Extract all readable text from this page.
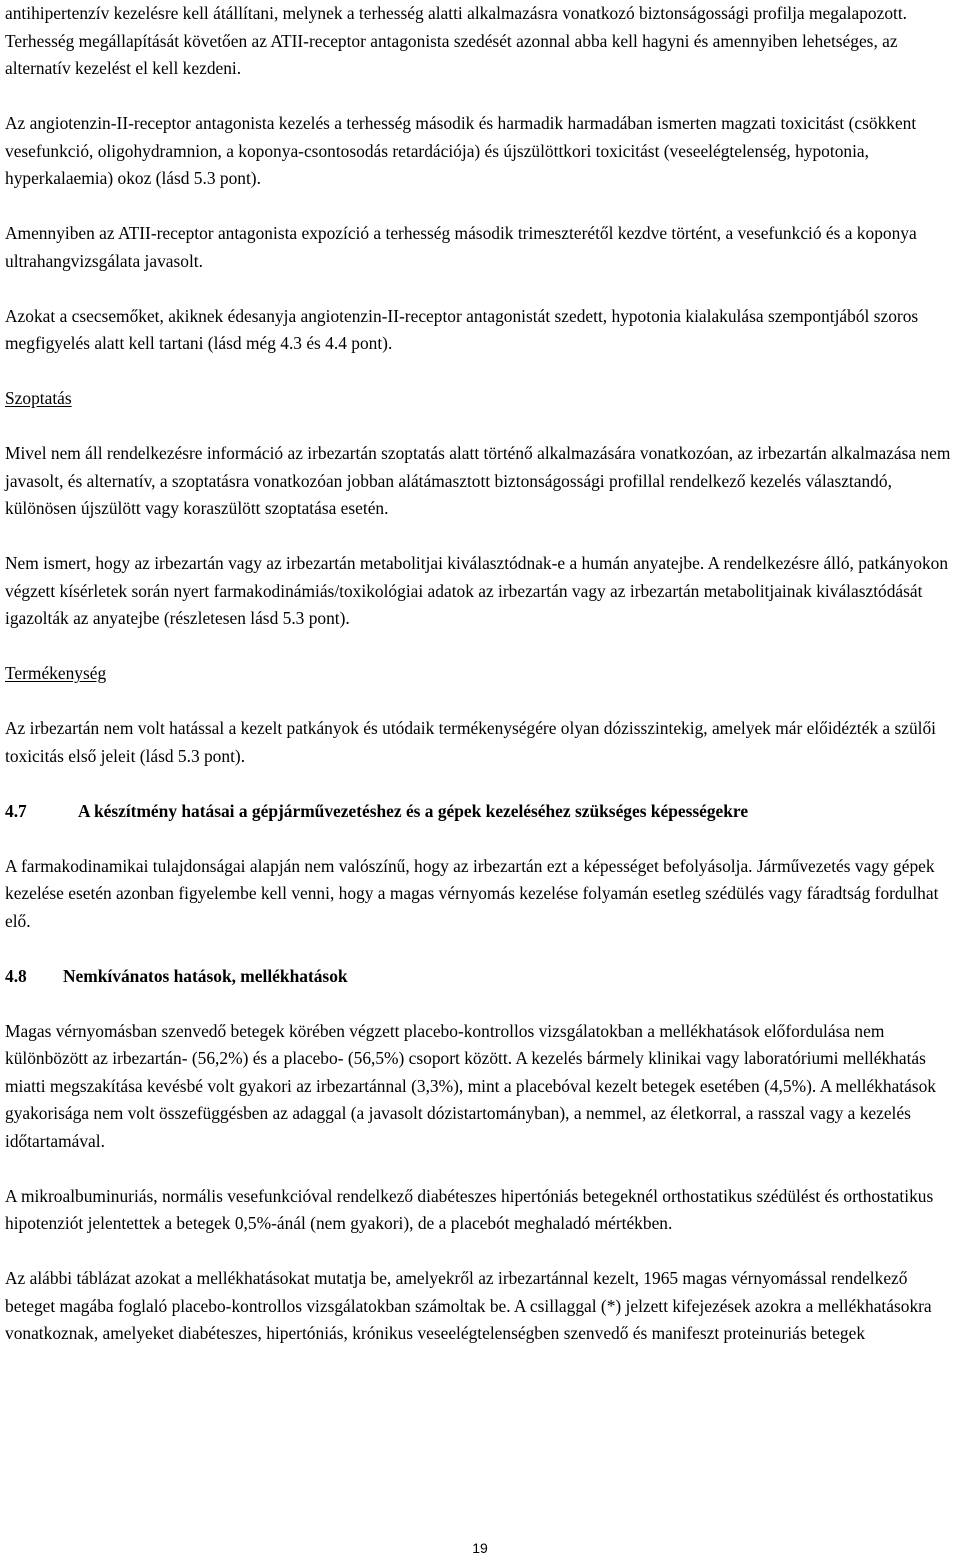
antihipertenzív kezelésre kell átállítani, melynek a terhesség alatti alkalmazásra vonatkozó biztonságossági profilja megalapozott. Terhesség megállapítását követően az ATII-receptor antagonista szedését azonnal abba kell hagyni és amennyiben lehetséges, az alternatív kezelést el kell kezdeni.

Az angiotenzin-II-receptor antagonista kezelés a terhesség második és harmadik harmadában ismerten magzati toxicitást (csökkent vesefunkció, oligohydramnion, a koponya-csontosodás retardációja) és újszülöttkori toxicitást (veseelégtelenség, hypotonia, hyperkalaemia) okoz (lásd 5.3 pont).

Amennyiben az ATII-receptor antagonista expozíció a terhesség második trimeszterétől kezdve történt, a vesefunkció és a koponya ultrahangvizsgálata javasolt.

Azokat a csecsemőket, akiknek édesanyja angiotenzin-II-receptor antagonistát szedett, hypotonia kialakulása szempontjából szoros megfigyelés alatt kell tartani (lásd még 4.3 és 4.4 pont).

Szoptatás

Mivel nem áll rendelkezésre információ az irbezartán szoptatás alatt történő alkalmazására vonatkozóan, az irbezartán alkalmazása nem javasolt, és alternatív, a szoptatásra vonatkozóan jobban alátámasztott biztonságossági profillal rendelkező kezelés választandó, különösen újszülött vagy koraszülött szoptatása esetén.

Nem ismert, hogy az irbezartán vagy az irbezartán metabolitjai kiválasztódnak-e a humán anyatejbe. A rendelkezésre álló, patkányokon végzett kísérletek során nyert farmakodinámiás/toxikológiai adatok az irbezartán vagy az irbezartán metabolitjainak kiválasztódását igazolták az anyatejbe (részletesen lásd 5.3 pont).

Termékenység

Az irbezartán nem volt hatással a kezelt patkányok és utódaik termékenységére olyan dózisszintekig, amelyek már előidézték a szülői toxicitás első jeleit (lásd 5.3 pont).

4.7	A készítmény hatásai a gépjárművezetéshez és a gépek kezeléséhez szükséges képességekre

A farmakodinamikai tulajdonságai alapján nem valószínű, hogy az irbezartán ezt a képességet befolyásolja. Járművezetés vagy gépek kezelése esetén azonban figyelembe kell venni, hogy a magas vérnyomás kezelése folyamán esetleg szédülés vagy fáradtság fordulhat elő.

4.8	Nemkívánatos hatások, mellékhatások

Magas vérnyomásban szenvedő betegek körében végzett placebo-kontrollos vizsgálatokban a mellékhatások előfordulása nem különbözött az irbezartán- (56,2%) és a placebo- (56,5%) csoport között. A kezelés bármely klinikai vagy laboratóriumi mellékhatás miatti megszakítása kevésbé volt gyakori az irbezartánnal (3,3%), mint a placebóval kezelt betegek esetében (4,5%). A mellékhatások gyakorisága nem volt összefüggésben az adaggal (a javasolt dózistartományban), a nemmel, az életkorral, a rasszal vagy a kezelés időtartamával.

A mikroalbuminuriás, normális vesefunkcióval rendelkező diabéteszes hipertóniás betegeknél orthostatikus szédülést és orthostatikus hipotenziót jelentettek a betegek 0,5%-ánál (nem gyakori), de a placebót meghaladó mértékben.

Az alábbi táblázat azokat a mellékhatásokat mutatja be, amelyekről az irbezartánnal kezelt, 1965 magas vérnyomással rendelkező beteget magába foglaló placebo-kontrollos vizsgálatokban számoltak be. A csillaggal (*) jelzett kifejezések azokra a mellékhatásokra vonatkoznak, amelyeket diabéteszes, hipertóniás, krónikus veseelégtelenségben szenvedő és manifeszt proteinuriás betegek

19
